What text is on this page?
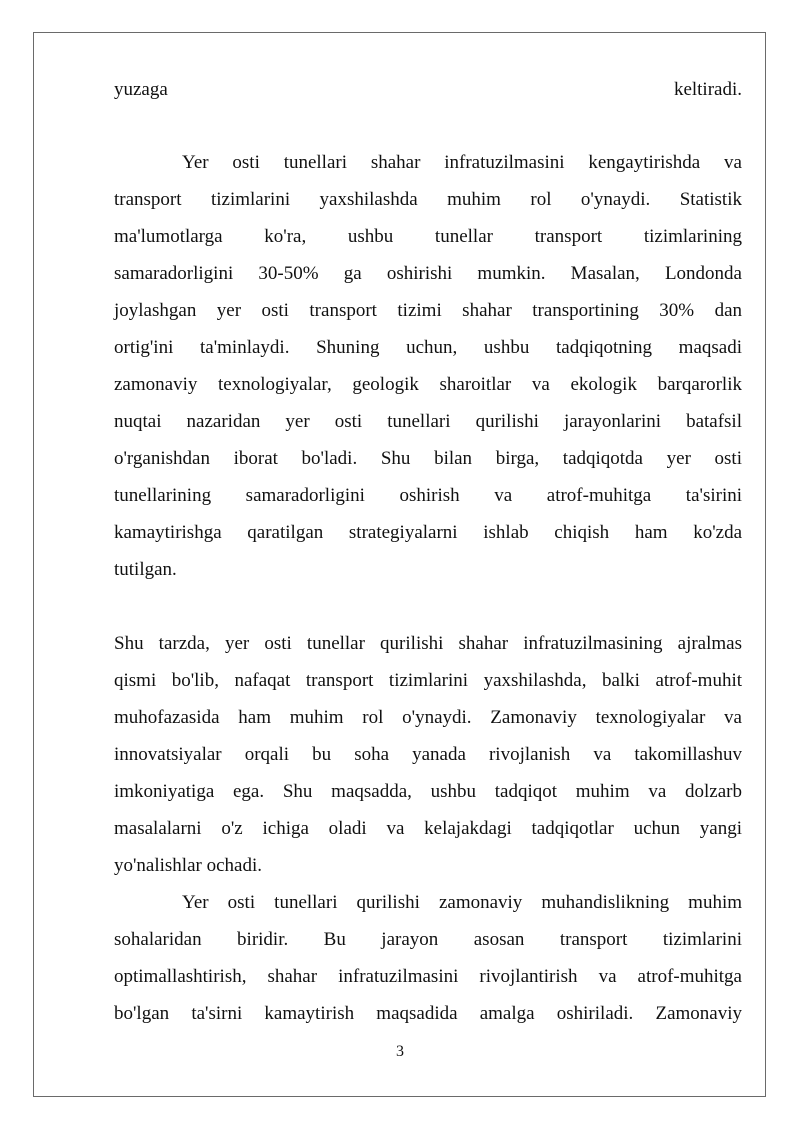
yuzaga keltiradi.
Yer osti tunellari shahar infratuzilmasini kengaytirishda va
transport tizimlarini yaxshilashda muhim rol o'ynaydi. Statistik
ma'lumotlarga ko'ra, ushbu tunellar transport tizimlarining
samaradorligini 30-50% ga oshirishi mumkin. Masalan, Londonda
joylashgan yer osti transport tizimi shahar transportining 30% dan
ortig'ini ta'minlaydi. Shuning uchun, ushbu tadqiqotning maqsadi
zamonaviy texnologiyalar, geologik sharoitlar va ekologik barqarorlik
nuqtai nazaridan yer osti tunellari qurilishi jarayonlarini batafsil
o'rganishdan iborat bo'ladi. Shu bilan birga, tadqiqotda yer osti
tunellarining samaradorligini oshirish va atrof-muhitga ta'sirini
kamaytirishga qaratilgan strategiyalarni ishlab chiqish ham ko'zda
tutilgan.
Shu tarzda, yer osti tunellar qurilishi shahar infratuzilmasining ajralmas
qismi bo'lib, nafaqat transport tizimlarini yaxshilashda, balki atrof-muhit
muhofazasida ham muhim rol o'ynaydi. Zamonaviy texnologiyalar va
innovatsiyalar orqali bu soha yanada rivojlanish va takomillashuv
imkoniyatiga ega. Shu maqsadda, ushbu tadqiqot muhim va dolzarb
masalalarni o'z ichiga oladi va kelajakdagi tadqiqotlar uchun yangi
yo'nalishlar ochadi.
Yer osti tunellari qurilishi zamonaviy muhandislikning muhim
sohalaridan biridir. Bu jarayon asosan transport tizimlarini
optimallashtirish, shahar infratuzilmasini rivojlantirish va atrof-muhitga
bo'lgan ta'sirni kamaytirish maqsadida amalga oshiriladi. Zamonaviy
3
